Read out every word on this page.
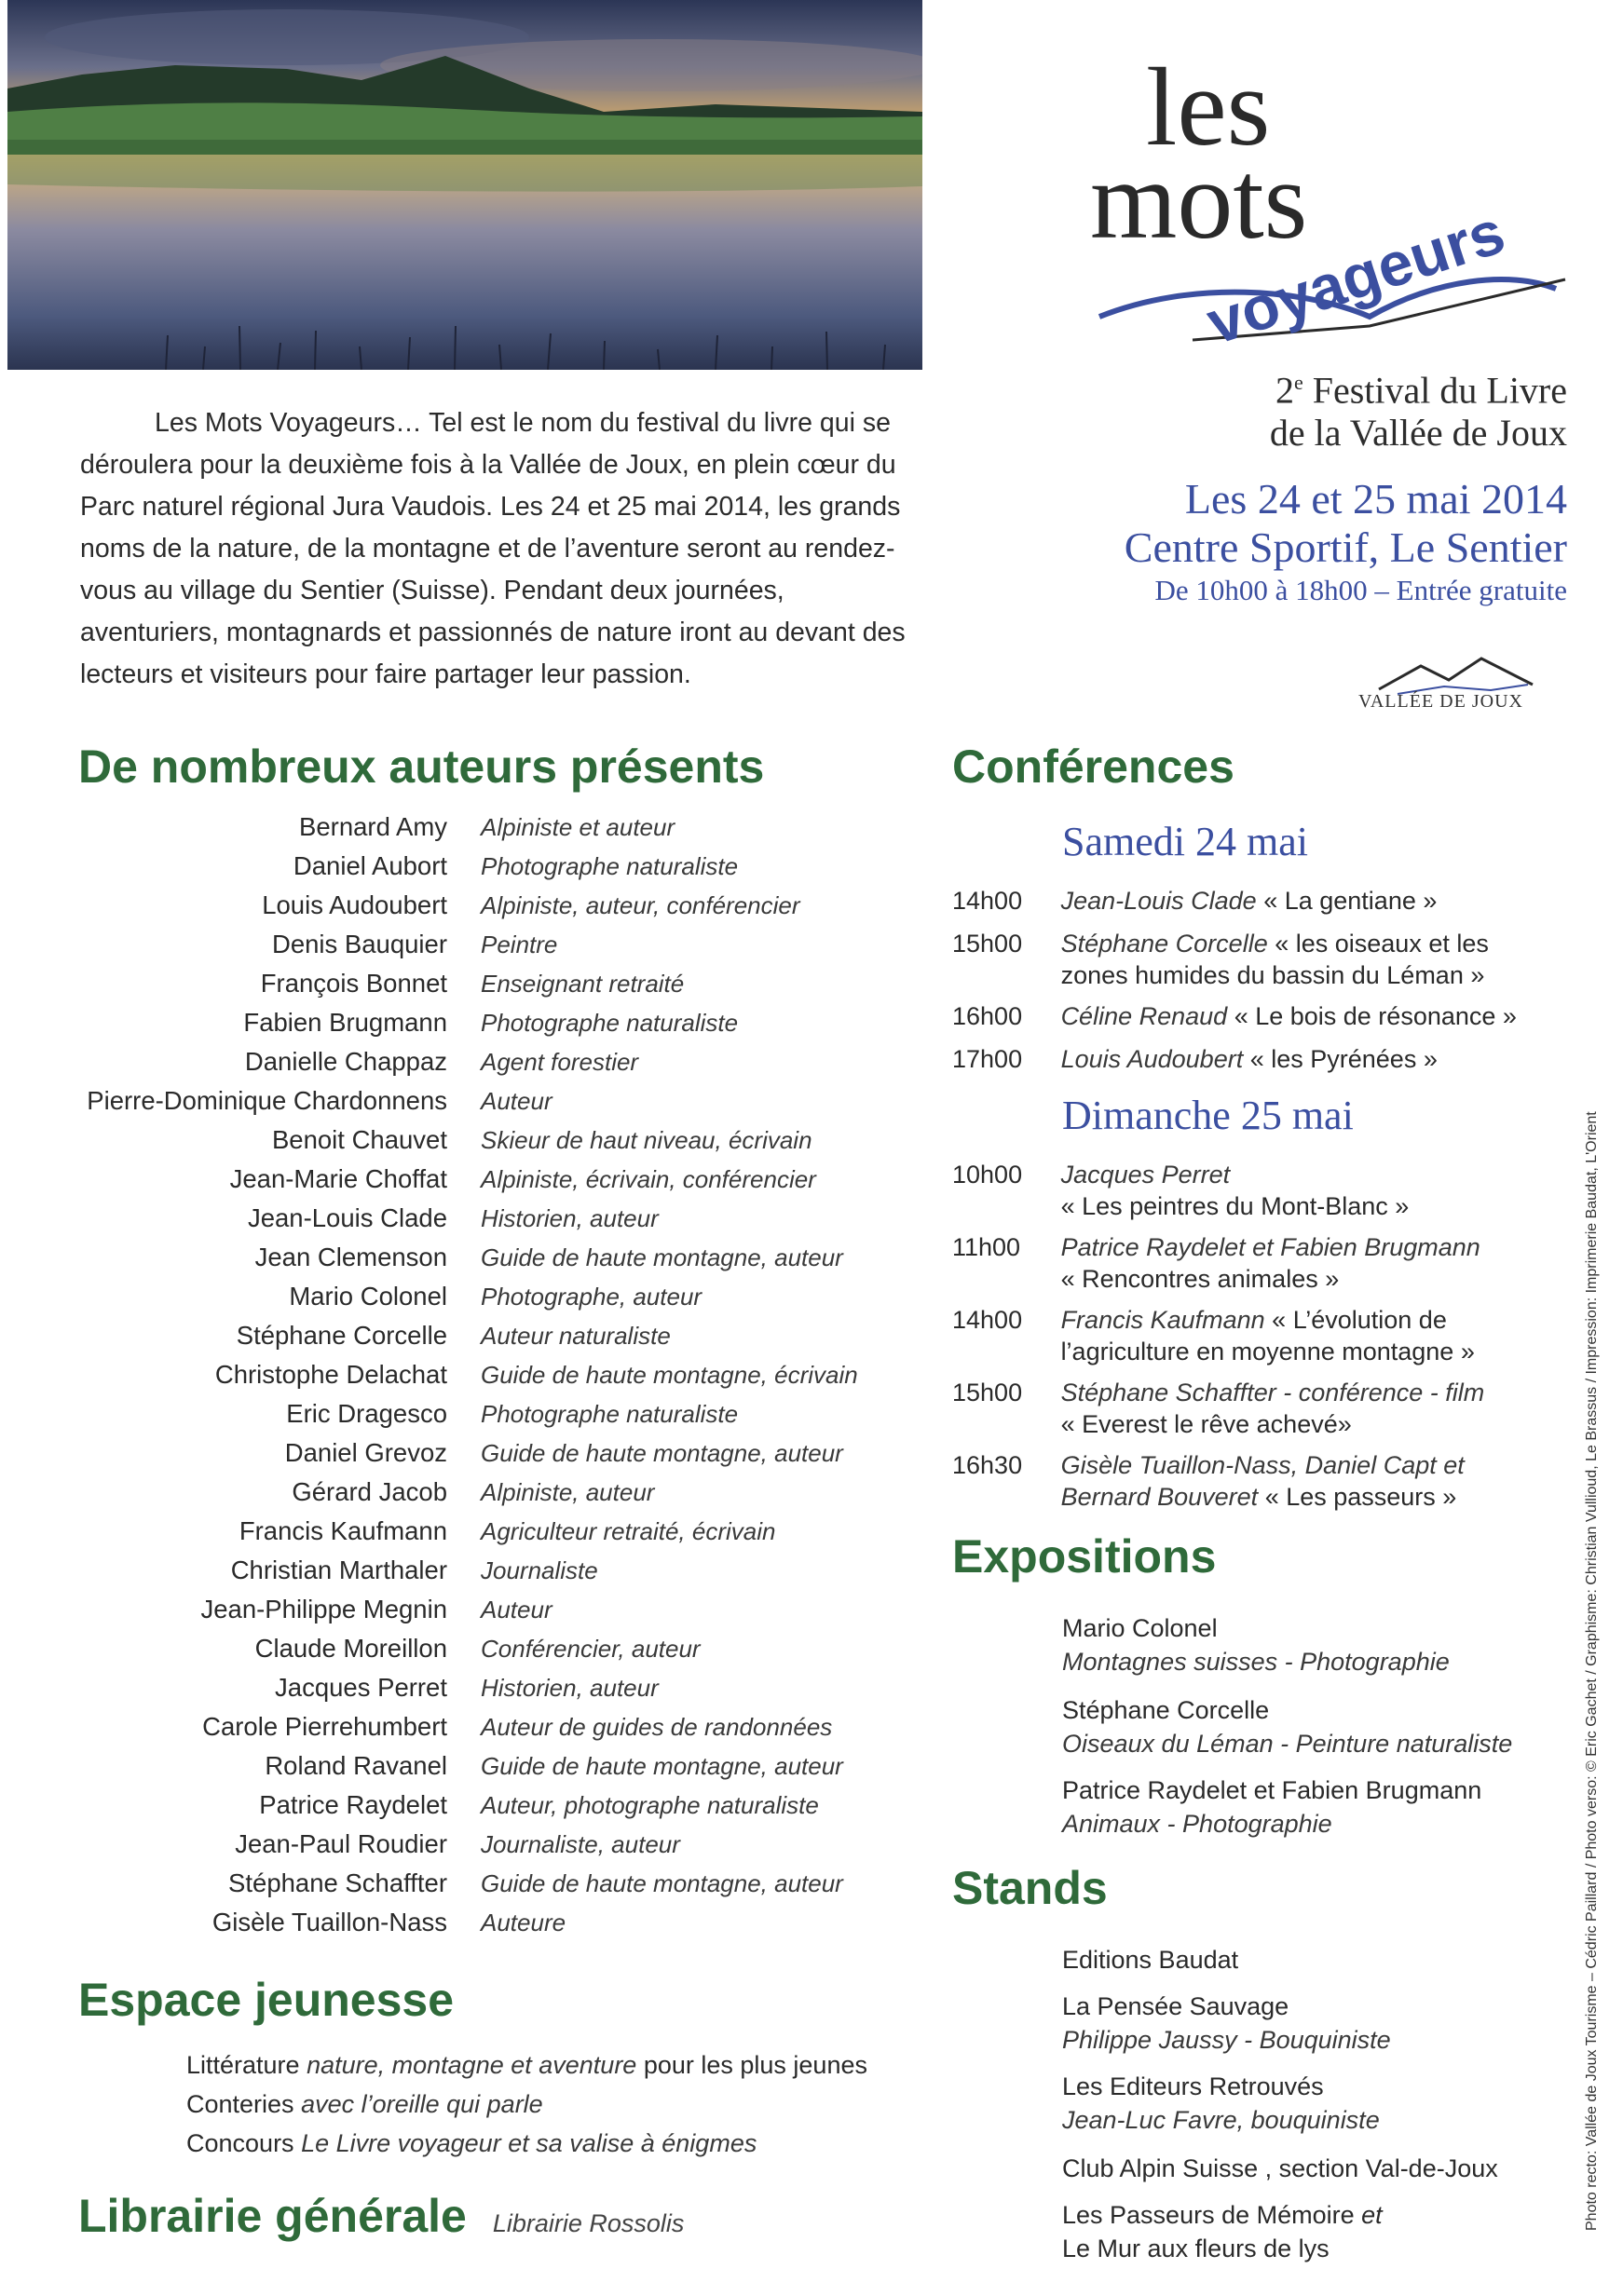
les
mots
voyageurs
2e Festival du Livre
de la Vallée de Joux
Les 24 et 25 mai 2014
Centre Sportif, Le Sentier
De 10h00 à 18h00 – Entrée gratuite
VALLÉE DE JOUX

Les Mots Voyageurs… Tel est le nom du festival du livre qui se déroulera pour la deuxième fois à la Vallée de Joux, en plein cœur du Parc naturel régional Jura Vaudois. Les 24 et 25 mai 2014, les grands noms de la nature, de la montagne et de l’aventure seront au rendez-vous au village du Sentier (Suisse). Pendant deux journées, aventuriers, montagnards et passionnés de nature iront au devant des lecteurs et visiteurs pour faire partager leur passion.

De nombreux auteurs présents
Bernard Amy	Alpiniste et auteur
Daniel Aubort	Photographe naturaliste
Louis Audoubert	Alpiniste, auteur, conférencier
Denis Bauquier	Peintre
François Bonnet	Enseignant retraité
Fabien Brugmann	Photographe naturaliste
Danielle Chappaz	Agent forestier
Pierre-Dominique Chardonnens	Auteur
Benoit Chauvet	Skieur de haut niveau, écrivain
Jean-Marie Choffat	Alpiniste, écrivain, conférencier
Jean-Louis Clade	Historien, auteur
Jean Clemenson	Guide de haute montagne, auteur
Mario Colonel	Photographe, auteur
Stéphane Corcelle	Auteur naturaliste
Christophe Delachat	Guide de haute montagne, écrivain
Eric Dragesco	Photographe naturaliste
Daniel Grevoz	Guide de haute montagne, auteur
Gérard Jacob	Alpiniste, auteur
Francis Kaufmann	Agriculteur retraité, écrivain
Christian Marthaler	Journaliste
Jean-Philippe Megnin	Auteur
Claude Moreillon	Conférencier, auteur
Jacques Perret	Historien, auteur
Carole Pierrehumbert	Auteur de guides de randonnées
Roland Ravanel	Guide de haute montagne, auteur
Patrice Raydelet	Auteur, photographe naturaliste
Jean-Paul Roudier	Journaliste, auteur
Stéphane Schaffter	Guide de haute montagne, auteur
Gisèle Tuaillon-Nass	Auteure
Espace jeunesse
Littérature nature, montagne et aventure pour les plus jeunes
Conteries avec l’oreille qui parle
Concours Le Livre voyageur et sa valise à énigmes
Librairie générale Librairie Rossolis
Conférences
Samedi 24 mai
Dimanche 25 mai
14h00	Jean-Louis Clade « La gentiane »
15h00	Stéphane Corcelle « les oiseaux et les zones humides du bassin du Léman »
16h00	Céline Renaud « Le bois de résonance »
17h00	Louis Audoubert « les Pyrénées »
10h00	Jacques Perret
« Les peintres du Mont-Blanc »
11h00	Patrice Raydelet et Fabien Brugmann
« Rencontres animales »
14h00	Francis Kaufmann « L’évolution de l’agriculture en moyenne montagne »
15h00	Stéphane Schaffter - conférence - film
« Everest le rêve achevé»
16h30	Gisèle Tuaillon-Nass, Daniel Capt et Bernard Bouveret « Les passeurs »
Expositions
Mario Colonel
Montagnes suisses - Photographie
Stéphane Corcelle
Oiseaux du Léman - Peinture naturaliste
Patrice Raydelet et Fabien Brugmann
Animaux - Photographie
Stands
Editions Baudat
La Pensée Sauvage
Philippe Jaussy - Bouquiniste
Les Editeurs Retrouvés
Jean-Luc Favre, bouquiniste
Club Alpin Suisse , section Val-de-Joux
Les Passeurs de Mémoire et
Le Mur aux fleurs de lys
Photo recto: Vallée de Joux Tourisme – Cédric Paillard / Photo verso: © Eric Gachet / Graphisme: Christian Vullioud, Le Brassus / Impression: Imprimerie Baudat, L'Orient
